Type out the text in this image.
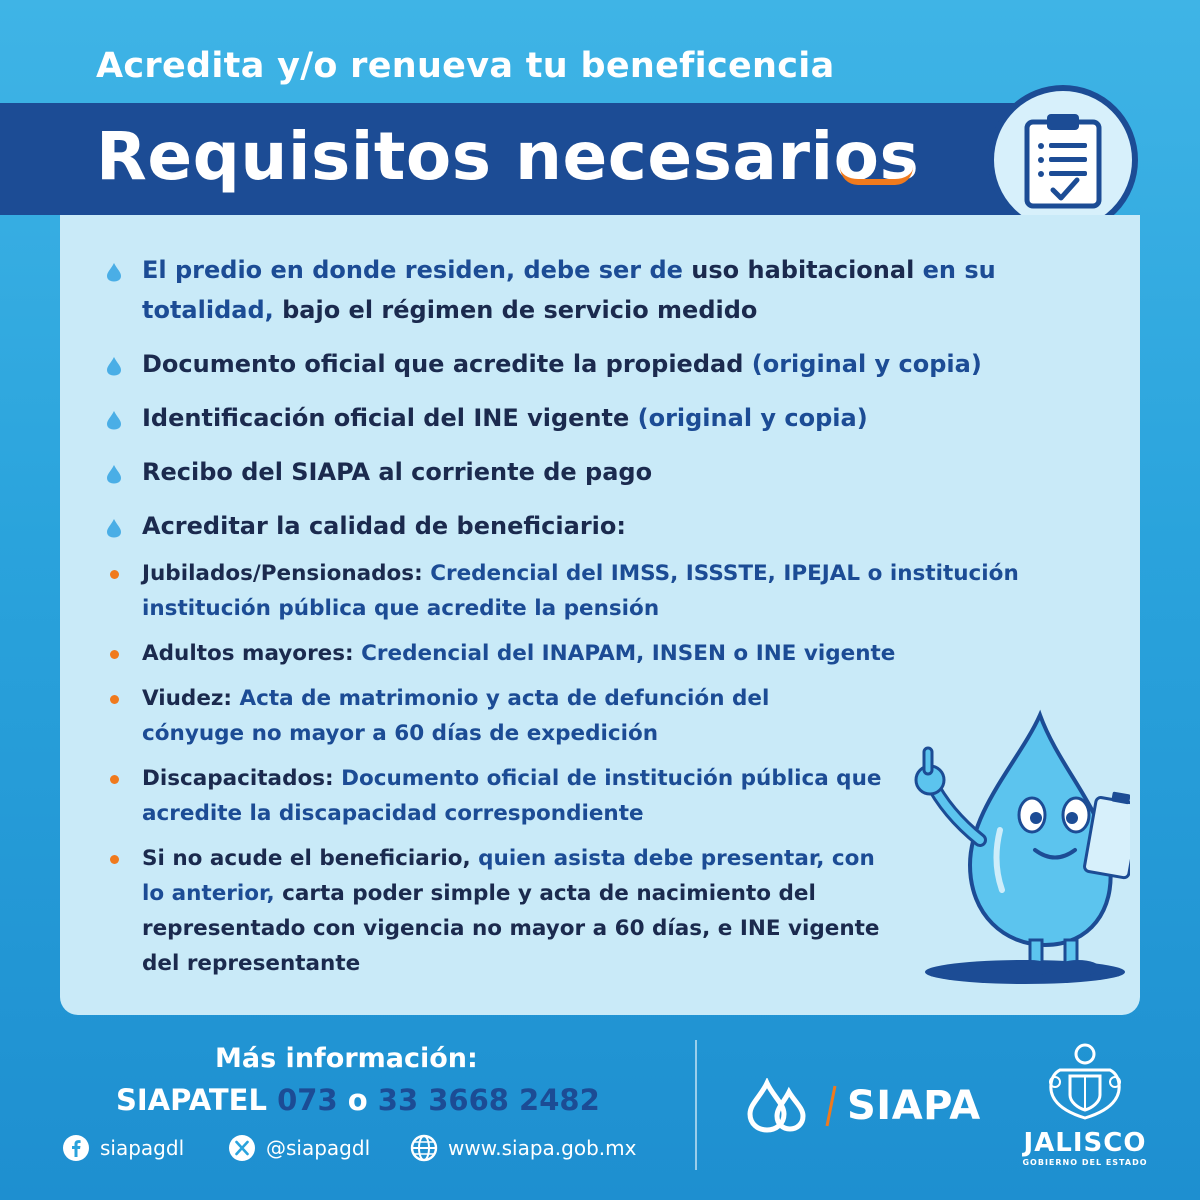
Acredita y/o renueva tu beneficencia
Requisitos necesarios
El predio en donde residen, debe ser de uso habitacional en su totalidad, bajo el régimen de servicio medido
Documento oficial que acredite la propiedad (original y copia)
Identificación oficial del INE vigente (original y copia)
Recibo del SIAPA al corriente de pago
Acreditar la calidad de beneficiario:
Jubilados/Pensionados: Credencial del IMSS, ISSSTE, IPEJAL o institución institución pública que acredite la pensión
Adultos mayores: Credencial del INAPAM, INSEN o INE vigente
Viudez: Acta de matrimonio y acta de defunción del cónyuge no mayor a 60 días de expedición
Discapacitados: Documento oficial de institución pública que acredite la discapacidad correspondiente
Si no acude el beneficiario, quien asista debe presentar, con lo anterior, carta poder simple y acta de nacimiento del representado con vigencia no mayor a 60 días, e INE vigente del representante
Más información:
SIAPATEL 073 o 33 3668 2482
siapagdl	@siapagdl	www.siapa.gob.mx
SIAPA
JALISCO
GOBIERNO DEL ESTADO
